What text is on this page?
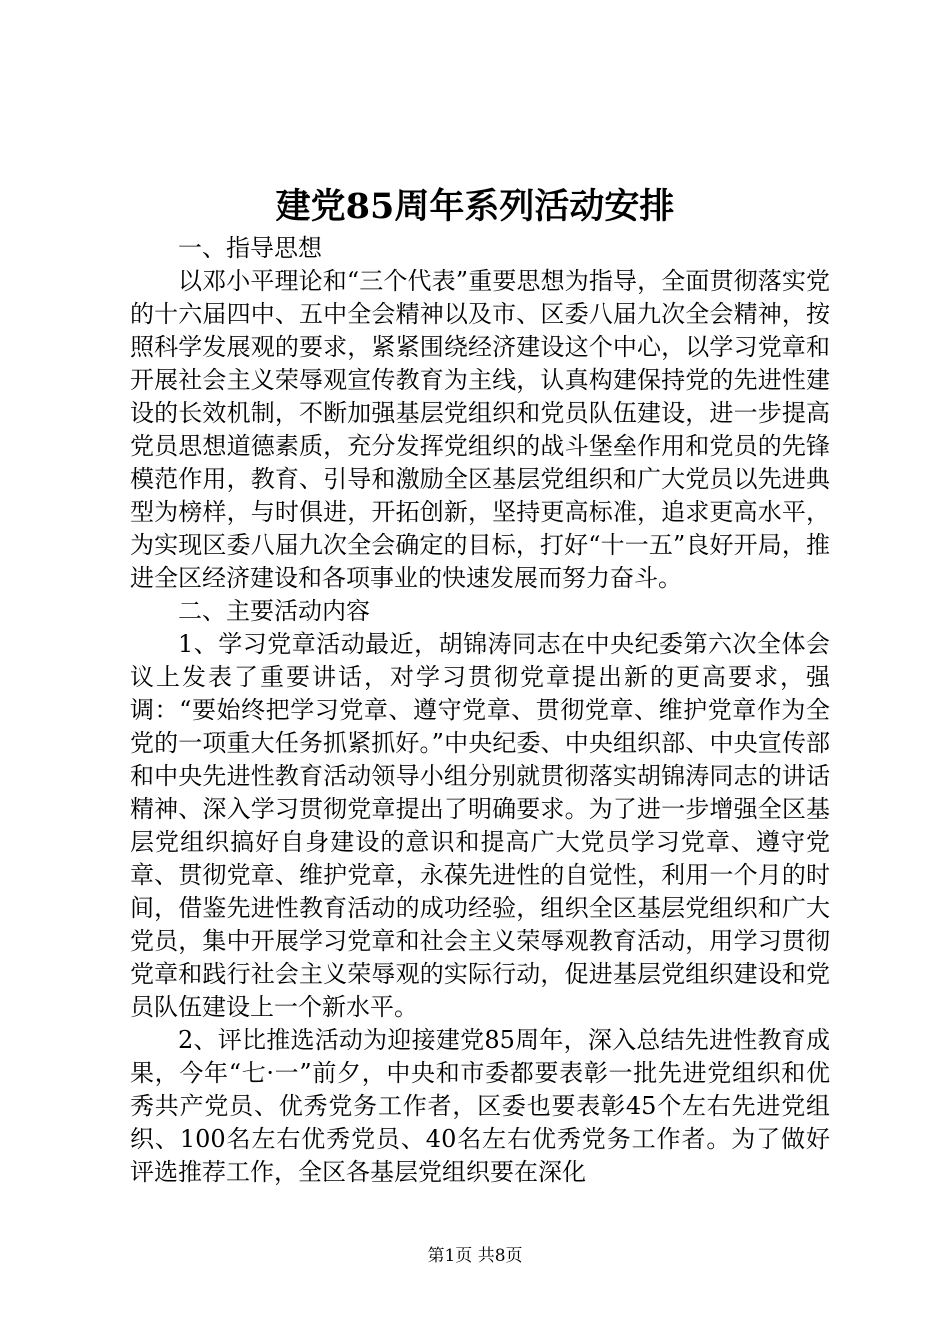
建党85周年系列活动安排

一、指导思想

以邓小平理论和“三个代表”重要思想为指导，全面贯彻落实党的十六届四中、五中全会精神以及市、区委八届九次全会精神，按照科学发展观的要求，紧紧围绕经济建设这个中心，以学习党章和开展社会主义荣辱观宣传教育为主线，认真构建保持党的先进性建设的长效机制，不断加强基层党组织和党员队伍建设，进一步提高党员思想道德素质，充分发挥党组织的战斗堡垒作用和党员的先锋模范作用，教育、引导和激励全区基层党组织和广大党员以先进典型为榜样，与时俱进，开拓创新，坚持更高标准，追求更高水平，为实现区委八届九次全会确定的目标，打好“十一五”良好开局，推进全区经济建设和各项事业的快速发展而努力奋斗。

二、主要活动内容

1、学习党章活动最近，胡锦涛同志在中央纪委第六次全体会议上发表了重要讲话，对学习贯彻党章提出新的更高要求，强调：“要始终把学习党章、遵守党章、贯彻党章、维护党章作为全党的一项重大任务抓紧抓好。”中央纪委、中央组织部、中央宣传部和中央先进性教育活动领导小组分别就贯彻落实胡锦涛同志的讲话精神、深入学习贯彻党章提出了明确要求。为了进一步增强全区基层党组织搞好自身建设的意识和提高广大党员学习党章、遵守党章、贯彻党章、维护党章，永葆先进性的自觉性，利用一个月的时间，借鉴先进性教育活动的成功经验，组织全区基层党组织和广大党员，集中开展学习党章和社会主义荣辱观教育活动，用学习贯彻党章和践行社会主义荣辱观的实际行动，促进基层党组织建设和党员队伍建设上一个新水平。

2、评比推选活动为迎接建党85周年，深入总结先进性教育成果，今年“七·一”前夕，中央和市委都要表彰一批先进党组织和优秀共产党员、优秀党务工作者，区委也要表彰45个左右先进党组织、100名左右优秀党员、40名左右优秀党务工作者。为了做好评选推荐工作，全区各基层党组织要在深化

第1页 共8页
